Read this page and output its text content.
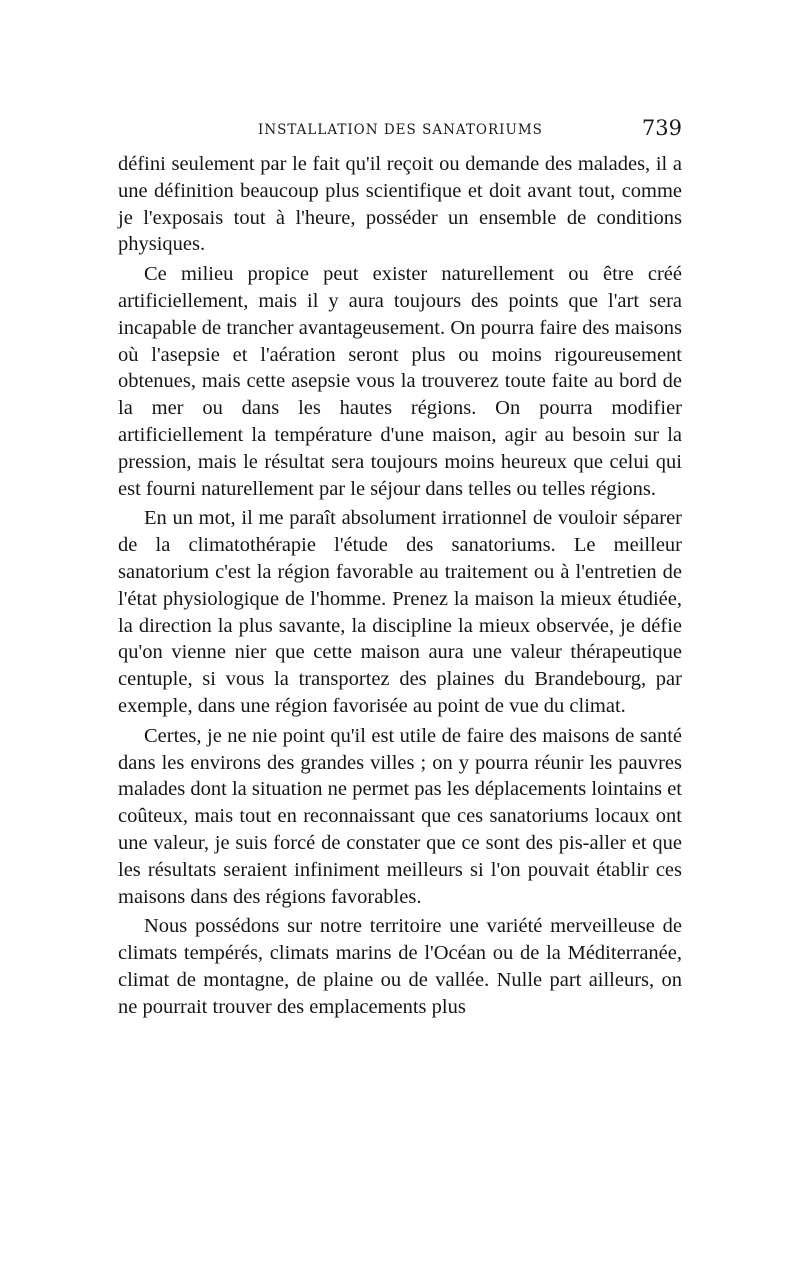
INSTALLATION DES SANATORIUMS	739

défini seulement par le fait qu'il reçoit ou demande des malades, il a une définition beaucoup plus scientifique et doit avant tout, comme je l'exposais tout à l'heure, posséder un ensemble de conditions physiques.

Ce milieu propice peut exister naturellement ou être créé artificiellement, mais il y aura toujours des points que l'art sera incapable de trancher avantageusement. On pourra faire des maisons où l'asepsie et l'aération seront plus ou moins rigoureusement obtenues, mais cette asepsie vous la trouverez toute faite au bord de la mer ou dans les hautes régions. On pourra modifier artificiellement la température d'une maison, agir au besoin sur la pression, mais le résultat sera toujours moins heureux que celui qui est fourni naturellement par le séjour dans telles ou telles régions.

En un mot, il me paraît absolument irrationnel de vouloir séparer de la climatothérapie l'étude des sanatoriums. Le meilleur sanatorium c'est la région favorable au traitement ou à l'entretien de l'état physiologique de l'homme. Prenez la maison la mieux étudiée, la direction la plus savante, la discipline la mieux observée, je défie qu'on vienne nier que cette maison aura une valeur thérapeutique centuple, si vous la transportez des plaines du Brandebourg, par exemple, dans une région favorisée au point de vue du climat.

Certes, je ne nie point qu'il est utile de faire des maisons de santé dans les environs des grandes villes ; on y pourra réunir les pauvres malades dont la situation ne permet pas les déplacements lointains et coûteux, mais tout en reconnaissant que ces sanatoriums locaux ont une valeur, je suis forcé de constater que ce sont des pis-aller et que les résultats seraient infiniment meilleurs si l'on pouvait établir ces maisons dans des régions favorables.

Nous possédons sur notre territoire une variété merveilleuse de climats tempérés, climats marins de l'Océan ou de la Méditerranée, climat de montagne, de plaine ou de vallée. Nulle part ailleurs, on ne pourrait trouver des emplacements plus
